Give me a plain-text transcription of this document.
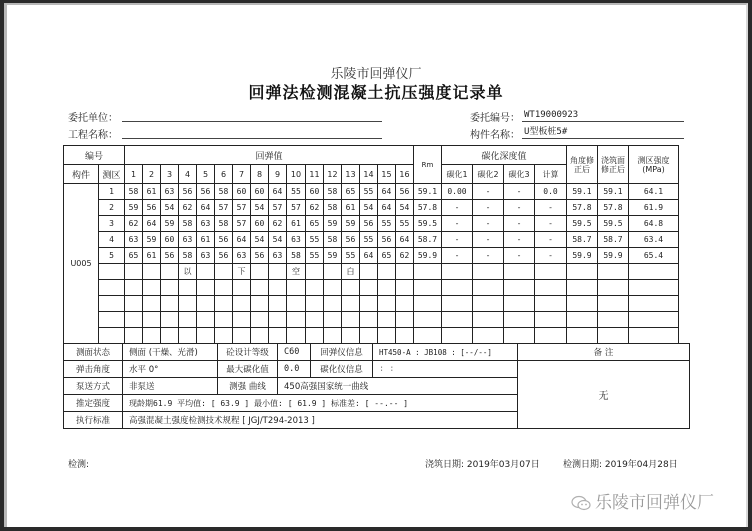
乐陵市回弹仪厂
回弹法检测混凝土抗压强度记录单
委托单位：
工程名称：
委托编号： WT19000923
构件名称： U型板桩5#
编号		回弹值																Rm	碳化深度值				角度修正后	浇筑面修正后	测区强度(MPa)
构件	测区	1	2	3	4	5	6	7	8	9	10	11	12	13	14	15	16		碳化1	碳化2	碳化3	计算			
U005	1	58	61	63	56	56	58	60	60	64	55	60	58	65	55	64	56	59.1	0.00	-	-	0.0	59.1	59.1	64.1
	2	59	56	54	62	64	57	57	54	57	57	62	58	61	54	64	54	57.8	-	-	-	-	57.8	57.8	61.9
	3	62	64	59	58	63	58	57	60	62	61	65	59	59	56	55	55	59.5	-	-	-	-	59.5	59.5	64.8
	4	63	59	60	63	61	56	64	54	54	63	55	58	56	55	56	64	58.7	-	-	-	-	58.7	58.7	63.4
	5	65	61	56	58	63	56	63	56	63	58	55	59	55	64	65	62	59.9	-	-	-	-	59.9	59.9	65.4
					以			下			空			白											

测面状态	侧面 (干燥、光滑)	砼设计等级	C60	回弹仪信息	HT450-A : JB108 : [--/--]	备 注
弹击角度	水平 0°	最大碳化值	0.0	碳化仪信息	: :	无
泵送方式	非泵送	测强 曲线	450高强国家统一曲线			
推定强度	现龄期61.9 平均值: [ 63.9 ] 最小值: [ 61.9 ] 标准差: [ --.-- ]					
执行标准	高强混凝土强度检测技术规程 [ JGJ/T294-2013 ]					
检测:	浇筑日期: 2019年03月07日	检测日期: 2019年04月28日
乐陵市回弹仪厂
